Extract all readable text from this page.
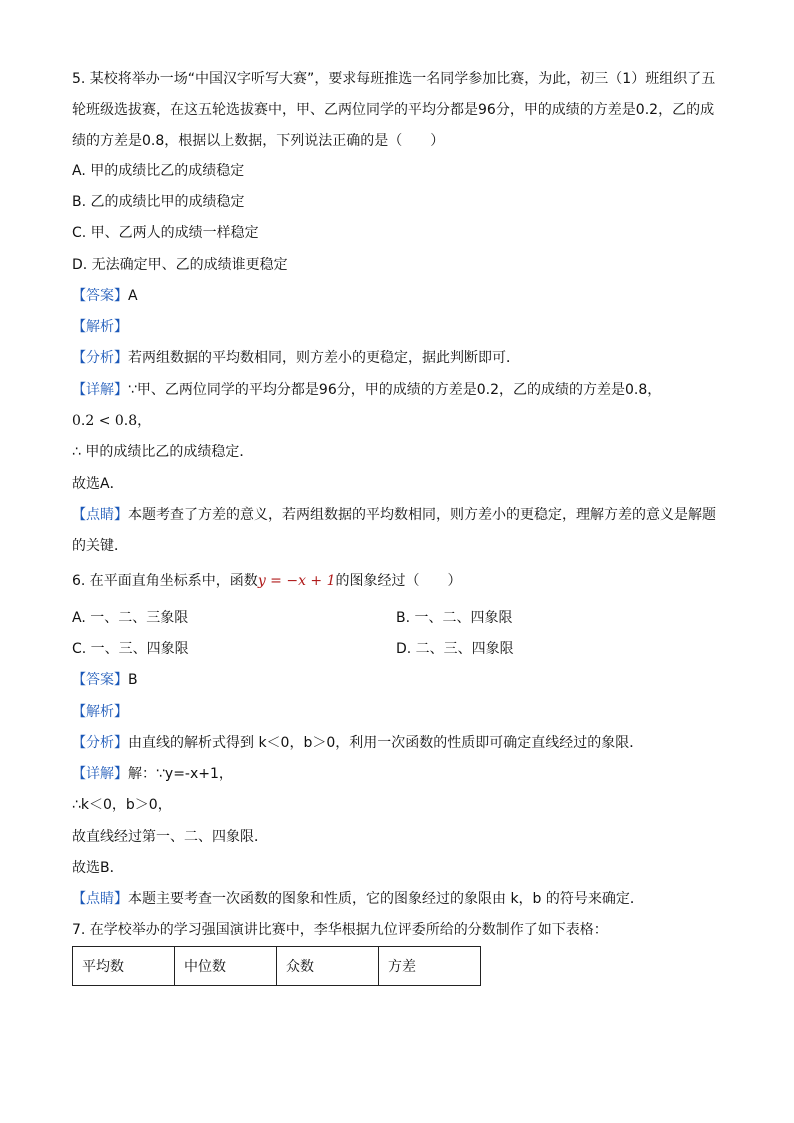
5. 某校将举办一场“中国汉字听写大赛”，要求每班推选一名同学参加比赛，为此，初三（1）班组织了五轮班级选拔赛，在这五轮选拔赛中，甲、乙两位同学的平均分都是96分，甲的成绩的方差是0.2，乙的成绩的方差是0.8，根据以上数据，下列说法正确的是（　　）
A. 甲的成绩比乙的成绩稳定
B. 乙的成绩比甲的成绩稳定
C. 甲、乙两人的成绩一样稳定
D. 无法确定甲、乙的成绩谁更稳定
【答案】A
【解析】
【分析】若两组数据的平均数相同，则方差小的更稳定，据此判断即可．
【详解】∵甲、乙两位同学的平均分都是96分，甲的成绩的方差是0.2，乙的成绩的方差是0.8，
0.2 < 0.8，
∴ 甲的成绩比乙的成绩稳定．
故选A．
【点睛】本题考查了方差的意义，若两组数据的平均数相同，则方差小的更稳定，理解方差的意义是解题的关键．
6. 在平面直角坐标系中，函数y = −x + 1的图象经过（　　）
A. 一、二、三象限	B. 一、二、四象限
C. 一、三、四象限	D. 二、三、四象限
【答案】B
【解析】
【分析】由直线的解析式得到 k＜0，b＞0，利用一次函数的性质即可确定直线经过的象限．
【详解】解：∵y=-x+1，
∴k＜0，b＞0，
故直线经过第一、二、四象限．
故选B．
【点睛】本题主要考查一次函数的图象和性质，它的图象经过的象限由 k，b 的符号来确定．
7. 在学校举办的学习强国演讲比赛中，李华根据九位评委所给的分数制作了如下表格：
平均数	中位数	众数	方差
